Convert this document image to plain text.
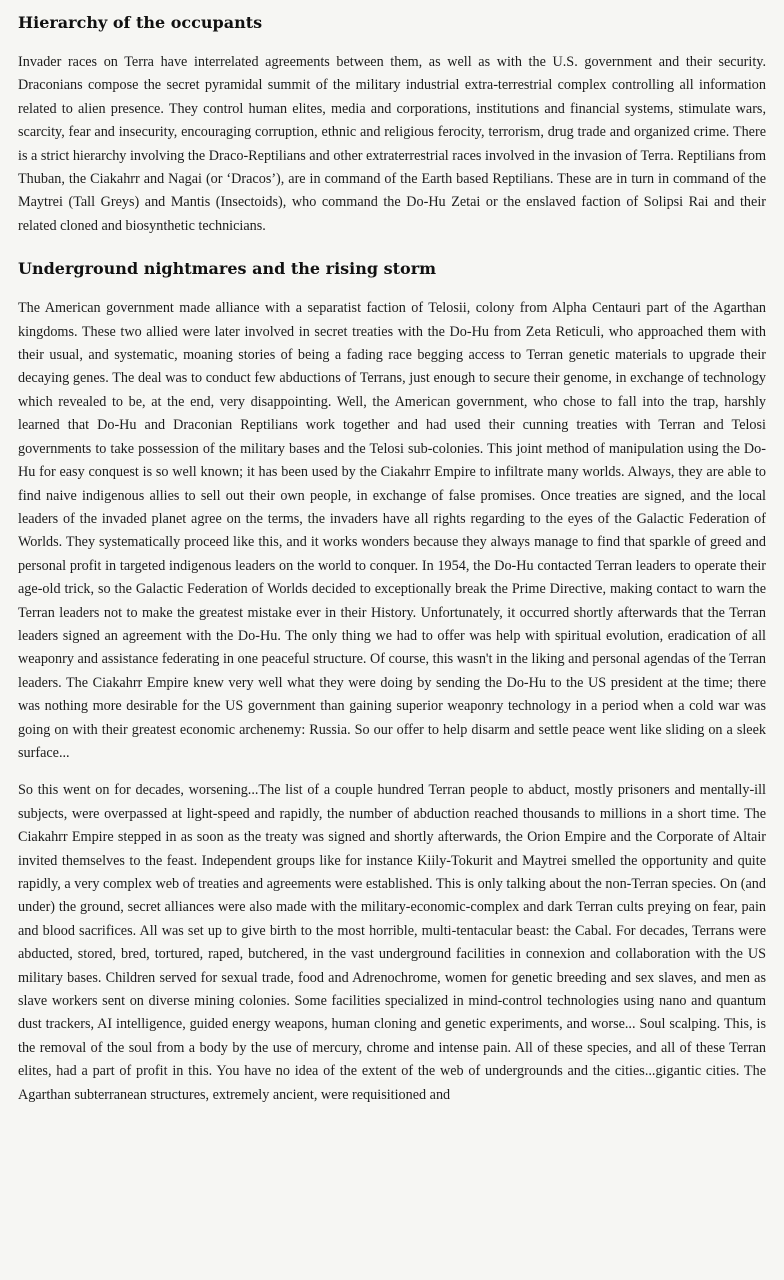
Hierarchy of the occupants

Invader races on Terra have interrelated agreements between them, as well as with the U.S. government and their security. Draconians compose the secret pyramidal summit of the military industrial extra-terrestrial complex controlling all information related to alien presence. They control human elites, media and corporations, institutions and financial systems, stimulate wars, scarcity, fear and insecurity, encouraging corruption, ethnic and religious ferocity, terrorism, drug trade and organized crime. There is a strict hierarchy involving the Draco-Reptilians and other extraterrestrial races involved in the invasion of Terra. Reptilians from Thuban, the Ciakahrr and Nagai (or ‘Dracos’), are in command of the Earth based Reptilians. These are in turn in command of the Maytrei (Tall Greys) and Mantis (Insectoids), who command the Do-Hu Zetai or the enslaved faction of Solipsi Rai and their related cloned and biosynthetic technicians.

Underground nightmares and the rising storm

The American government made alliance with a separatist faction of Telosii, colony from Alpha Centauri part of the Agarthan kingdoms. These two allied were later involved in secret treaties with the Do-Hu from Zeta Reticuli, who approached them with their usual, and systematic, moaning stories of being a fading race begging access to Terran genetic materials to upgrade their decaying genes. The deal was to conduct few abductions of Terrans, just enough to secure their genome, in exchange of technology which revealed to be, at the end, very disappointing. Well, the American government, who chose to fall into the trap, harshly learned that Do-Hu and Draconian Reptilians work together and had used their cunning treaties with Terran and Telosi governments to take possession of the military bases and the Telosi sub-colonies. This joint method of manipulation using the Do-Hu for easy conquest is so well known; it has been used by the Ciakahrr Empire to infiltrate many worlds. Always, they are able to find naive indigenous allies to sell out their own people, in exchange of false promises. Once treaties are signed, and the local leaders of the invaded planet agree on the terms, the invaders have all rights regarding to the eyes of the Galactic Federation of Worlds. They systematically proceed like this, and it works wonders because they always manage to find that sparkle of greed and personal profit in targeted indigenous leaders on the world to conquer. In 1954, the Do-Hu contacted Terran leaders to operate their age-old trick, so the Galactic Federation of Worlds decided to exceptionally break the Prime Directive, making contact to warn the Terran leaders not to make the greatest mistake ever in their History. Unfortunately, it occurred shortly afterwards that the Terran leaders signed an agreement with the Do-Hu. The only thing we had to offer was help with spiritual evolution, eradication of all weaponry and assistance federating in one peaceful structure. Of course, this wasn't in the liking and personal agendas of the Terran leaders. The Ciakahrr Empire knew very well what they were doing by sending the Do-Hu to the US president at the time; there was nothing more desirable for the US government than gaining superior weaponry technology in a period when a cold war was going on with their greatest economic archenemy: Russia. So our offer to help disarm and settle peace went like sliding on a sleek surface...

So this went on for decades, worsening...The list of a couple hundred Terran people to abduct, mostly prisoners and mentally-ill subjects, were overpassed at light-speed and rapidly, the number of abduction reached thousands to millions in a short time. The Ciakahrr Empire stepped in as soon as the treaty was signed and shortly afterwards, the Orion Empire and the Corporate of Altair invited themselves to the feast. Independent groups like for instance Kiily-Tokurit and Maytrei smelled the opportunity and quite rapidly, a very complex web of treaties and agreements were established. This is only talking about the non-Terran species. On (and under) the ground, secret alliances were also made with the military-economic-complex and dark Terran cults preying on fear, pain and blood sacrifices. All was set up to give birth to the most horrible, multi-tentacular beast: the Cabal. For decades, Terrans were abducted, stored, bred, tortured, raped, butchered, in the vast underground facilities in connexion and collaboration with the US military bases. Children served for sexual trade, food and Adrenochrome, women for genetic breeding and sex slaves, and men as slave workers sent on diverse mining colonies. Some facilities specialized in mind-control technologies using nano and quantum dust trackers, AI intelligence, guided energy weapons, human cloning and genetic experiments, and worse... Soul scalping. This, is the removal of the soul from a body by the use of mercury, chrome and intense pain. All of these species, and all of these Terran elites, had a part of profit in this. You have no idea of the extent of the web of undergrounds and the cities...gigantic cities. The Agarthan subterranean structures, extremely ancient, were requisitioned and
